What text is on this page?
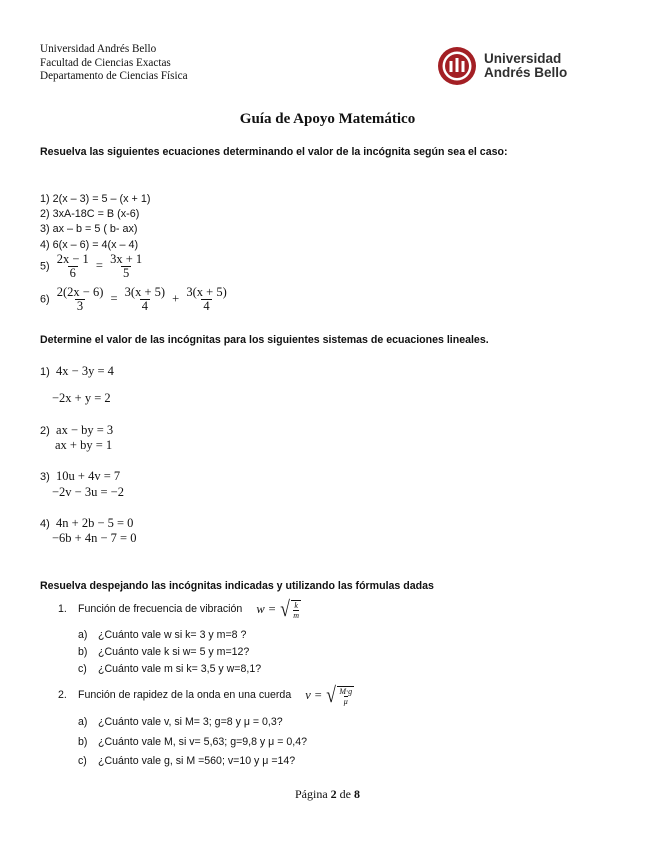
Universidad Andrés Bello
Facultad de Ciencias Exactas
Departamento de Ciencias Física
Universidad
Andrés Bello
Guía de Apoyo Matemático
Resuelva las siguientes ecuaciones determinando el valor de la incógnita según sea el caso:
1) 2(x – 3) = 5 – (x + 1)
2) 3xA-18C = B (x-6)
3) ax – b = 5 ( b- ax)
4) 6(x – 6) = 4(x – 4)
$5) \frac{2x - 1}{6} = \frac{3x + 1}{5}$
$6) \frac{2(2x - 6)}{3} = \frac{3(x + 5)}{4} + \frac{3(x + 5)}{4}$
Determine el valor de las incógnitas para los siguientes sistemas de ecuaciones lineales.
1) 4x − 3y = 4
−2x + y = 2
2) ax − by = 3
ax + by = 1
3) 10u + 4v = 7
−2v − 3u = −2
4) 4n + 2b − 5 = 0
−6b + 4n − 7 = 0
Resuelva despejando las incógnitas indicadas y utilizando las fórmulas dadas
1.	Función de frecuencia de vibración w = √ k
m
a) ¿Cuánto vale w si k= 3 y m=8 ?
b) ¿Cuánto vale k si w= 5 y m=12?
c) ¿Cuánto vale m si k= 3,5 y w=8,1?
2.	Función de rapidez de la onda en una cuerda v = √ M·g
μ
a) ¿Cuánto vale v, si M= 3; g=8 y μ = 0,3?
b) ¿Cuánto vale M, si v= 5,63; g=9,8 y μ = 0,4?
c) ¿Cuánto vale g, si M =560; v=10 y μ =14?
Página 2 de 8
